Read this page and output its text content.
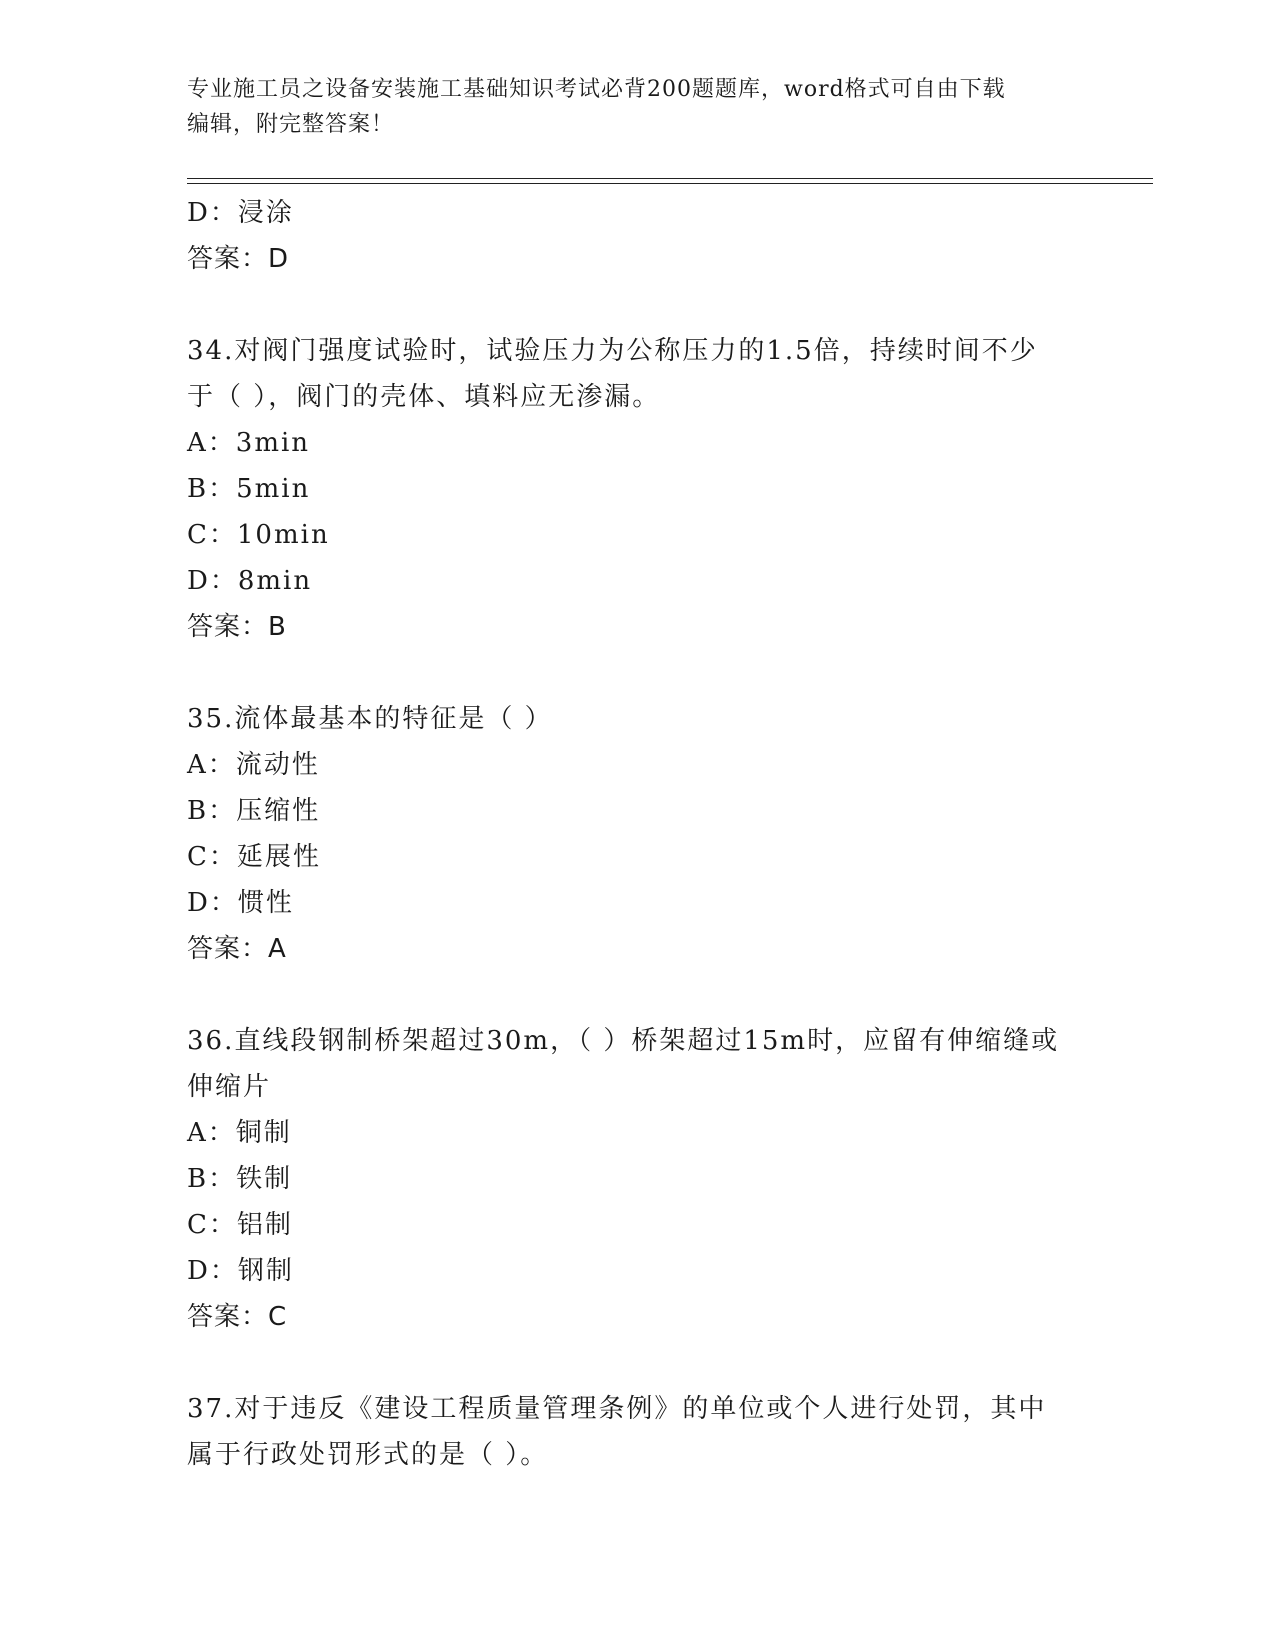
专业施工员之设备安装施工基础知识考试必背200题题库，word格式可自由下载
编辑，附完整答案！
D：浸涂
答案：D
34.对阀门强度试验时，试验压力为公称压力的1.5倍，持续时间不少
于（ ），阀门的壳体、填料应无渗漏。
A：3min
B：5min
C：10min
D：8min
答案：B
35.流体最基本的特征是（ ）
A：流动性
B：压缩性
C：延展性
D：惯性
答案：A
36.直线段钢制桥架超过30m，（ ）桥架超过15m时，应留有伸缩缝或
伸缩片
A：铜制
B：铁制
C：铝制
D：钢制
答案：C
37.对于违反《建设工程质量管理条例》的单位或个人进行处罚，其中
属于行政处罚形式的是（ ）。
